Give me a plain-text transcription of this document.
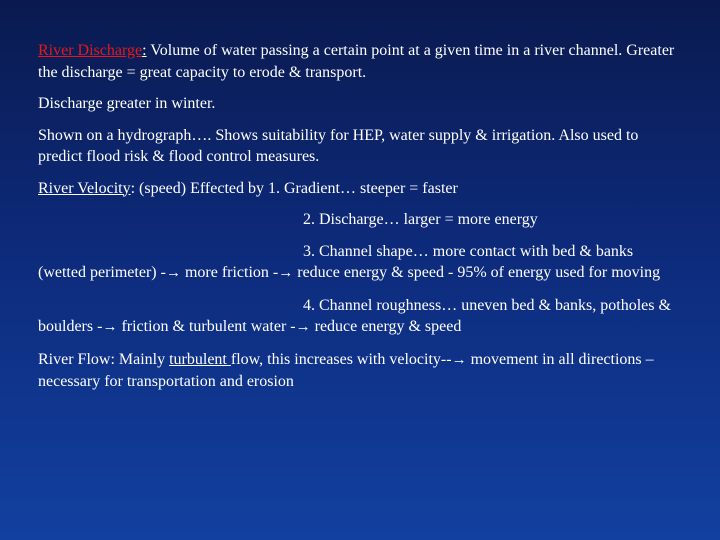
River Discharge: Volume of water passing a certain point at a given time in a river channel. Greater the discharge = great capacity to erode & transport.

Discharge greater in winter.

Shown on a hydrograph…. Shows suitability for HEP, water supply & irrigation. Also used to predict flood risk & flood control measures.

River Velocity: (speed) Effected by 1. Gradient… steeper = faster

2. Discharge… larger = more energy

3. Channel shape… more contact with bed & banks (wetted perimeter) -→ more friction -→ reduce energy & speed - 95% of energy used for moving

4. Channel roughness… uneven bed & banks, potholes & boulders -→ friction & turbulent water -→ reduce energy & speed

River Flow: Mainly turbulent flow, this increases with velocity--→ movement in all directions – necessary for transportation and erosion
